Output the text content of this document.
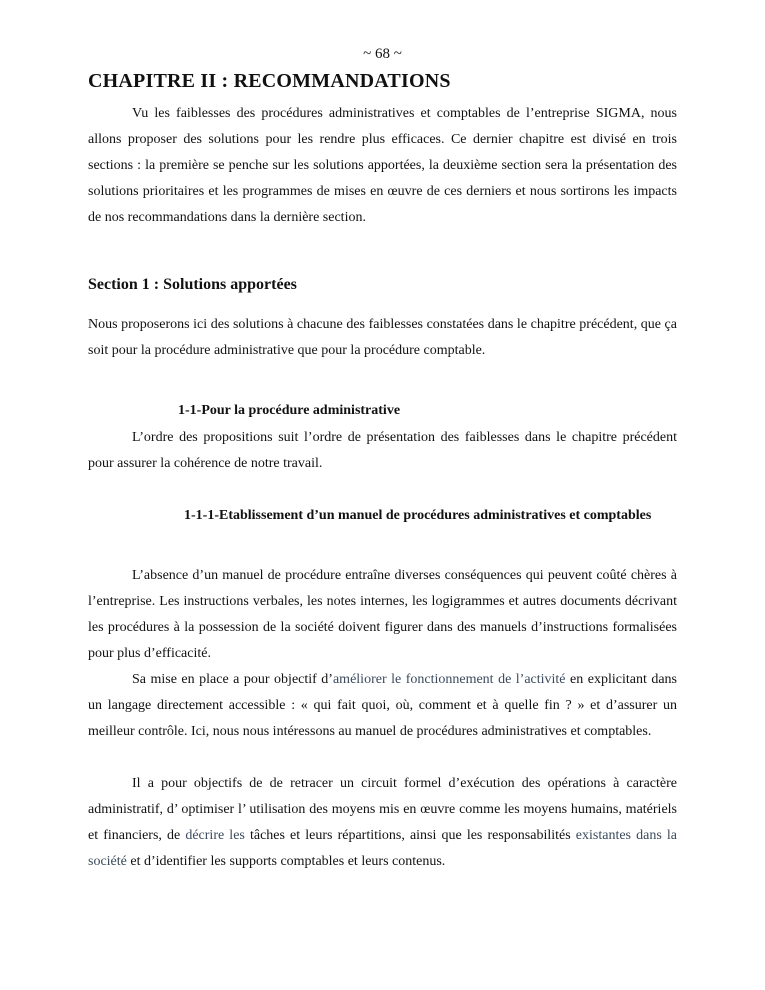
~ 68 ~
CHAPITRE II : RECOMMANDATIONS

Vu les faiblesses des procédures administratives et comptables de l’entreprise SIGMA, nous allons proposer des solutions pour les rendre plus efficaces. Ce dernier chapitre est divisé en trois sections : la première se penche sur les solutions apportées, la deuxième section sera la présentation des solutions prioritaires et les programmes de mises en œuvre de ces derniers et nous sortirons les impacts de nos recommandations dans la dernière section.

Section 1 : Solutions apportées

Nous proposerons ici des solutions à chacune des faiblesses constatées dans le chapitre précédent, que ça soit pour la procédure administrative que pour la procédure comptable.

1-1-Pour la procédure administrative

L’ordre des propositions suit l’ordre de présentation des faiblesses dans le chapitre précédent pour assurer la cohérence de notre travail.

1-1-1-Etablissement d’un manuel de procédures administratives et comptables

L’absence d’un manuel de procédure entraîne diverses conséquences qui peuvent coûté chères à l’entreprise. Les instructions verbales, les notes internes, les logigrammes et autres documents décrivant les procédures à la possession de la société doivent figurer dans des manuels d’instructions formalisées pour plus d’efficacité.

Sa mise en place a pour objectif d’améliorer le fonctionnement de l’activité en explicitant dans un langage directement accessible : « qui fait quoi, où, comment et à quelle fin ? » et d’assurer un meilleur contrôle. Ici, nous nous intéressons au manuel de procédures administratives et comptables.

Il a pour objectifs de de retracer un circuit formel d’exécution des opérations à caractère administratif, d’ optimiser l’ utilisation des moyens mis en œuvre comme les moyens humains, matériels et financiers, de décrire les tâches et leurs répartitions, ainsi que les responsabilités existantes dans la société et d’identifier les supports comptables et leurs contenus.
